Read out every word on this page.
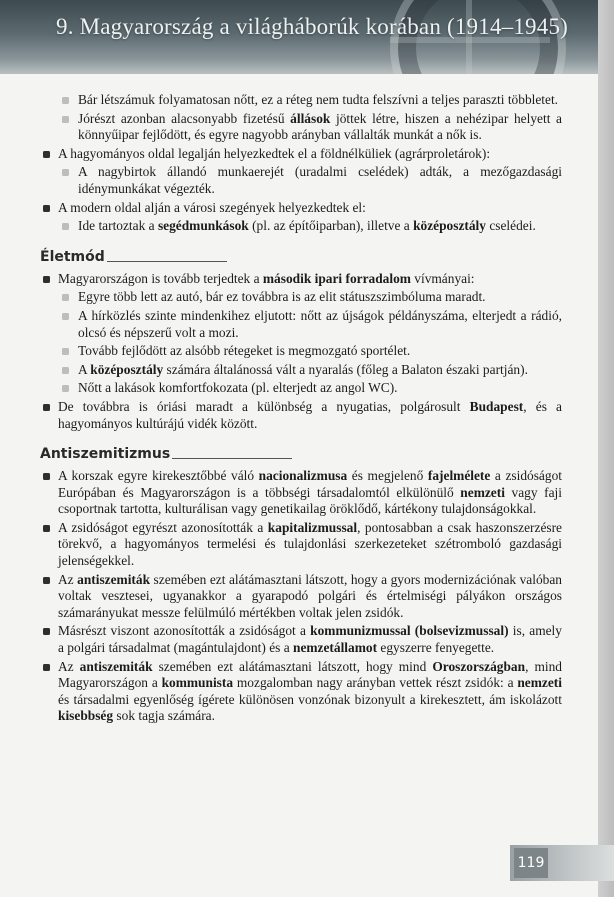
9. Magyarország a világháborúk korában (1914–1945)
Bár létszámuk folyamatosan nőtt, ez a réteg nem tudta felszívni a teljes paraszti többletet.
Jórészt azonban alacsonyabb fizetésű állások jöttek létre, hiszen a nehézipar helyett a könnyűipar fejlődött, és egyre nagyobb arányban vállalták munkát a nők is.
A hagyományos oldal legalján helyezkedtek el a földnélküliek (agrárproletárok):
A nagybirtok állandó munkaerejét (uradalmi cselédek) adták, a mezőgazdasági idénymunkákat végezték.
A modern oldal alján a városi szegények helyezkedtek el:
Ide tartoztak a segédmunkások (pl. az építőiparban), illetve a középosztály cselédei.
Életmód
Magyarországon is tovább terjedtek a második ipari forradalom vívmányai:
Egyre több lett az autó, bár ez továbbra is az elit státuszszimbóluma maradt.
A hírközlés szinte mindenkihez eljutott: nőtt az újságok példányszáma, elterjedt a rádió, olcsó és népszerű volt a mozi.
Tovább fejlődött az alsóbb rétegeket is megmozgató sportélet.
A középosztály számára általánossá vált a nyaralás (főleg a Balaton északi partján).
Nőtt a lakások komfortfokozata (pl. elterjedt az angol WC).
De továbbra is óriási maradt a különbség a nyugatias, polgárosult Budapest, és a hagyományos kultúrájú vidék között.
Antiszemitizmus
A korszak egyre kirekesztőbbé váló nacionalizmusa és megjelenő fajelmélete a zsidóságot Európában és Magyarországon is a többségi társadalomtól elkülönülő nemzeti vagy faji csoportnak tartotta, kulturálisan vagy genetikailag öröklődő, kártékony tulajdonságokkal.
A zsidóságot egyrészt azonosították a kapitalizmussal, pontosabban a csak haszonszerzésre törekvő, a hagyományos termelési és tulajdonlási szerkezeteket szétromboló gazdasági jelenségekkel.
Az antiszemiták szemében ezt alátámasztani látszott, hogy a gyors modernizációnak valóban voltak vesztesei, ugyanakkor a gyarapodó polgári és értelmiségi pályákon országos számarányukat messze felülmúló mértékben voltak jelen zsidók.
Másrészt viszont azonosították a zsidóságot a kommunizmussal (bolsevizmussal) is, amely a polgári társadalmat (magántulajdont) és a nemzetállamot egyszerre fenyegette.
Az antiszemiták szemében ezt alátámasztani látszott, hogy mind Oroszországban, mind Magyarországon a kommunista mozgalomban nagy arányban vettek részt zsidók: a nemzeti és társadalmi egyenlőség ígérete különösen vonzónak bizonyult a kirekesztett, ám iskolázott kisebbség sok tagja számára.
119
